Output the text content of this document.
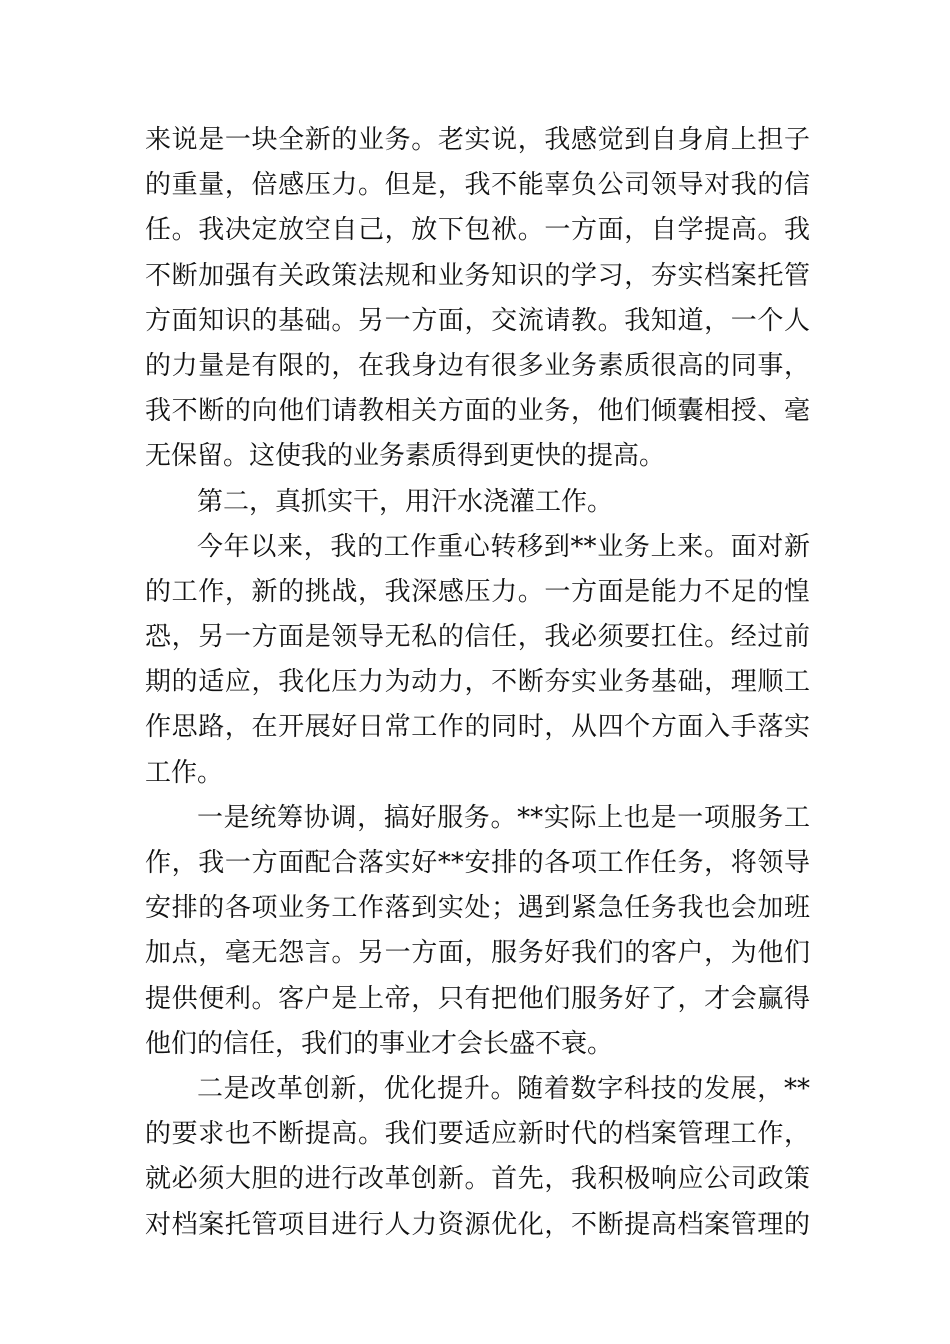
来说是一块全新的业务。老实说，我感觉到自身肩上担子
的重量，倍感压力。但是，我不能辜负公司领导对我的信
任。我决定放空自己，放下包袱。一方面，自学提高。我
不断加强有关政策法规和业务知识的学习，夯实档案托管
方面知识的基础。另一方面，交流请教。我知道，一个人
的力量是有限的，在我身边有很多业务素质很高的同事，
我不断的向他们请教相关方面的业务，他们倾囊相授、毫
无保留。这使我的业务素质得到更快的提高。
第二，真抓实干，用汗水浇灌工作。
今年以来，我的工作重心转移到**业务上来。面对新
的工作，新的挑战，我深感压力。一方面是能力不足的惶
恐，另一方面是领导无私的信任，我必须要扛住。经过前
期的适应，我化压力为动力，不断夯实业务基础，理顺工
作思路，在开展好日常工作的同时，从四个方面入手落实
工作。
一是统筹协调，搞好服务。**实际上也是一项服务工
作，我一方面配合落实好**安排的各项工作任务，将领导
安排的各项业务工作落到实处；遇到紧急任务我也会加班
加点，毫无怨言。另一方面，服务好我们的客户，为他们
提供便利。客户是上帝，只有把他们服务好了，才会赢得
他们的信任，我们的事业才会长盛不衰。
二是改革创新，优化提升。随着数字科技的发展，**
的要求也不断提高。我们要适应新时代的档案管理工作，
就必须大胆的进行改革创新。首先，我积极响应公司政策
对档案托管项目进行人力资源优化，不断提高档案管理的
